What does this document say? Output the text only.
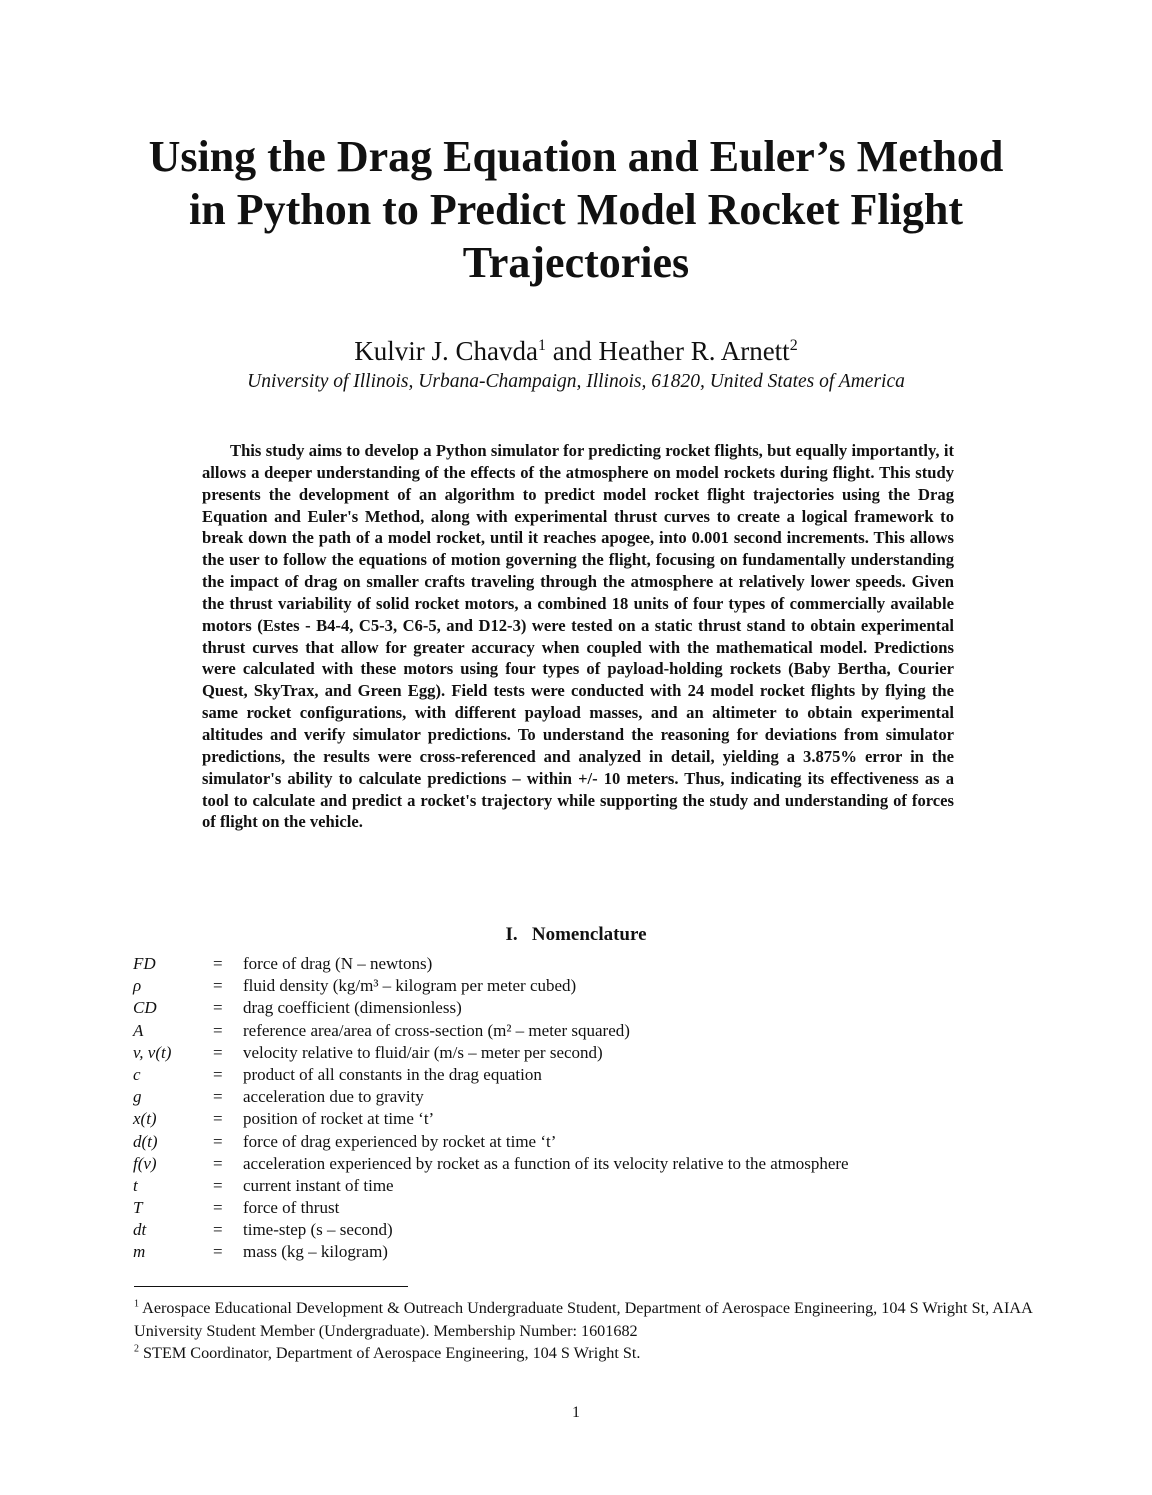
Using the Drag Equation and Euler’s Method
in Python to Predict Model Rocket Flight
Trajectories
Kulvir J. Chavda$^1$ and Heather R. Arnett$^2$
University of Illinois, Urbana-Champaign, Illinois, 61820, United States of America

This study aims to develop a Python simulator for predicting rocket flights, but equally importantly, it allows a deeper understanding of the effects of the atmosphere on model rockets during flight. This study presents the development of an algorithm to predict model rocket flight trajectories using the Drag Equation and Euler's Method, along with experimental thrust curves to create a logical framework to break down the path of a model rocket, until it reaches apogee, into 0.001 second increments. This allows the user to follow the equations of motion governing the flight, focusing on fundamentally understanding the impact of drag on smaller crafts traveling through the atmosphere at relatively lower speeds. Given the thrust variability of solid rocket motors, a combined 18 units of four types of commercially available motors (Estes - B4-4, C5-3, C6-5, and D12-3) were tested on a static thrust stand to obtain experimental thrust curves that allow for greater accuracy when coupled with the mathematical model. Predictions were calculated with these motors using four types of payload-holding rockets (Baby Bertha, Courier Quest, SkyTrax, and Green Egg). Field tests were conducted with 24 model rocket flights by flying the same rocket configurations, with different payload masses, and an altimeter to obtain experimental altitudes and verify simulator predictions. To understand the reasoning for deviations from simulator predictions, the results were cross-referenced and analyzed in detail, yielding a 3.875% error in the simulator's ability to calculate predictions – within +/- 10 meters. Thus, indicating its effectiveness as a tool to calculate and predict a rocket's trajectory while supporting the study and understanding of forces of flight on the vehicle.

I.   Nomenclature
FD	=	force of drag (N – newtons)
ρ	=	fluid density (kg/m³ – kilogram per meter cubed)
CD	=	drag coefficient (dimensionless)
A	=	reference area/area of cross-section (m² – meter squared)
v, v(t)	=	velocity relative to fluid/air (m/s – meter per second)
c	=	product of all constants in the drag equation
g	=	acceleration due to gravity
x(t)	=	position of rocket at time ‘t’
d(t)	=	force of drag experienced by rocket at time ‘t’
f(v)	=	acceleration experienced by rocket as a function of its velocity relative to the atmosphere
t	=	current instant of time
T	=	force of thrust
dt	=	time-step (s – second)
m	=	mass (kg – kilogram)
$^1$ Aerospace Educational Development & Outreach Undergraduate Student, Department of Aerospace Engineering, 104 S Wright St, AIAA University Student Member (Undergraduate). Membership Number: 1601682
$^2$ STEM Coordinator, Department of Aerospace Engineering, 104 S Wright St.
1
